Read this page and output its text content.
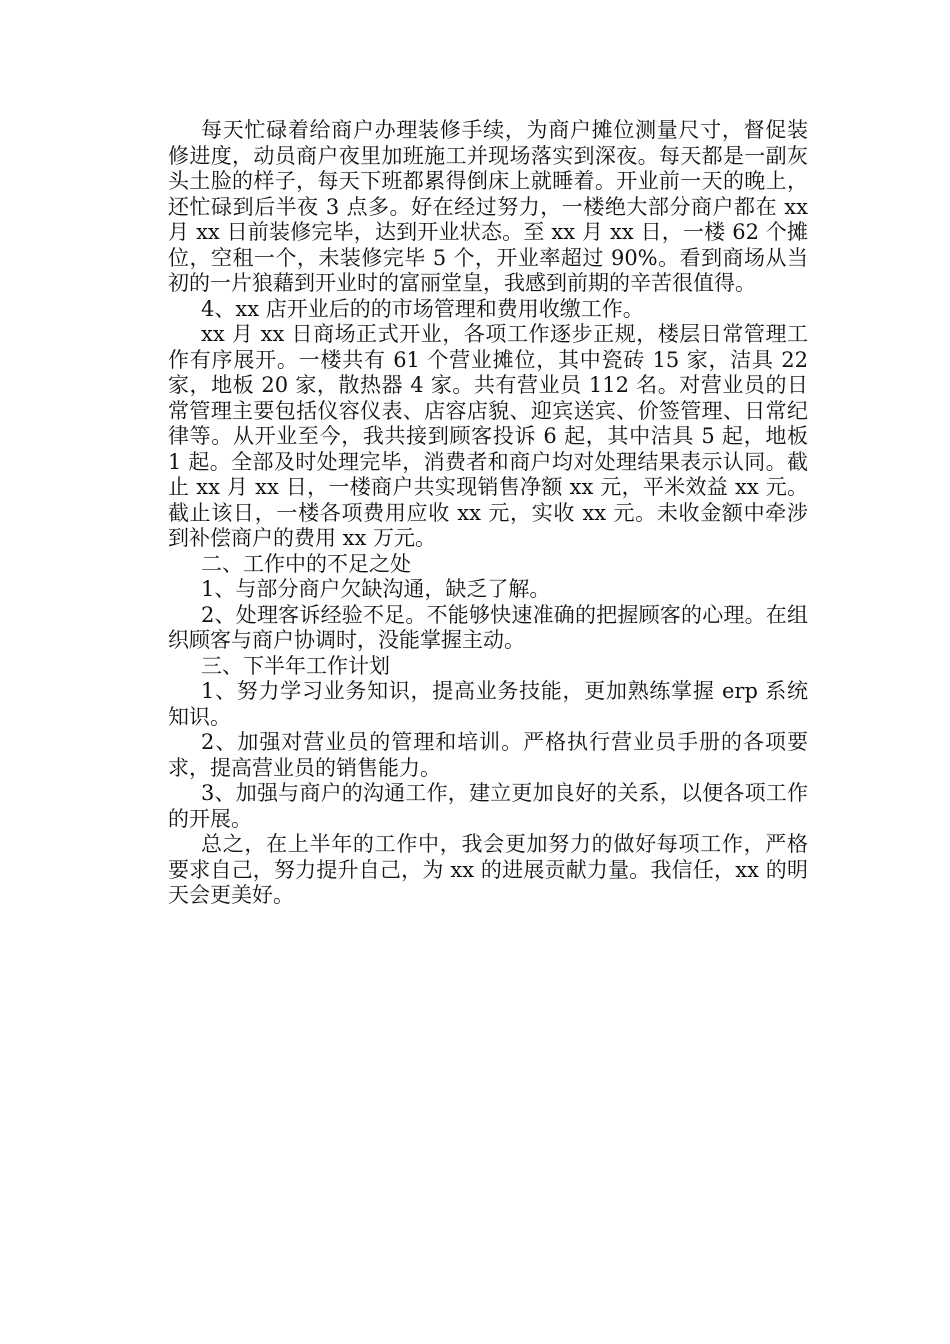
每天忙碌着给商户办理装修手续，为商户摊位测量尺寸，督促装修进度，动员商户夜里加班施工并现场落实到深夜。每天都是一副灰头土脸的样子，每天下班都累得倒床上就睡着。开业前一天的晚上，还忙碌到后半夜 3 点多。好在经过努力，一楼绝大部分商户都在 xx 月 xx 日前装修完毕，达到开业状态。至 xx 月 xx 日，一楼 62 个摊位，空租一个，未装修完毕 5 个，开业率超过 90%。看到商场从当初的一片狼藉到开业时的富丽堂皇，我感到前期的辛苦很值得。

4、xx 店开业后的的市场管理和费用收缴工作。

xx 月 xx 日商场正式开业，各项工作逐步正规，楼层日常管理工作有序展开。一楼共有 61 个营业摊位，其中瓷砖 15 家，洁具 22 家，地板 20 家，散热器 4 家。共有营业员 112 名。对营业员的日常管理主要包括仪容仪表、店容店貌、迎宾送宾、价签管理、日常纪律等。从开业至今，我共接到顾客投诉 6 起，其中洁具 5 起，地板 1 起。全部及时处理完毕，消费者和商户均对处理结果表示认同。截止 xx 月 xx 日，一楼商户共实现销售净额 xx 元，平米效益 xx 元。截止该日，一楼各项费用应收 xx 元，实收 xx 元。未收金额中牵涉到补偿商户的费用 xx 万元。

二、工作中的不足之处

1、与部分商户欠缺沟通，缺乏了解。

2、处理客诉经验不足。不能够快速准确的把握顾客的心理。在组织顾客与商户协调时，没能掌握主动。

三、下半年工作计划

1、努力学习业务知识，提高业务技能，更加熟练掌握 erp 系统知识。

2、加强对营业员的管理和培训。严格执行营业员手册的各项要求，提高营业员的销售能力。

3、加强与商户的沟通工作，建立更加良好的关系，以便各项工作的开展。

总之，在上半年的工作中，我会更加努力的做好每项工作，严格要求自己，努力提升自己，为 xx 的进展贡献力量。我信任，xx 的明天会更美好。
